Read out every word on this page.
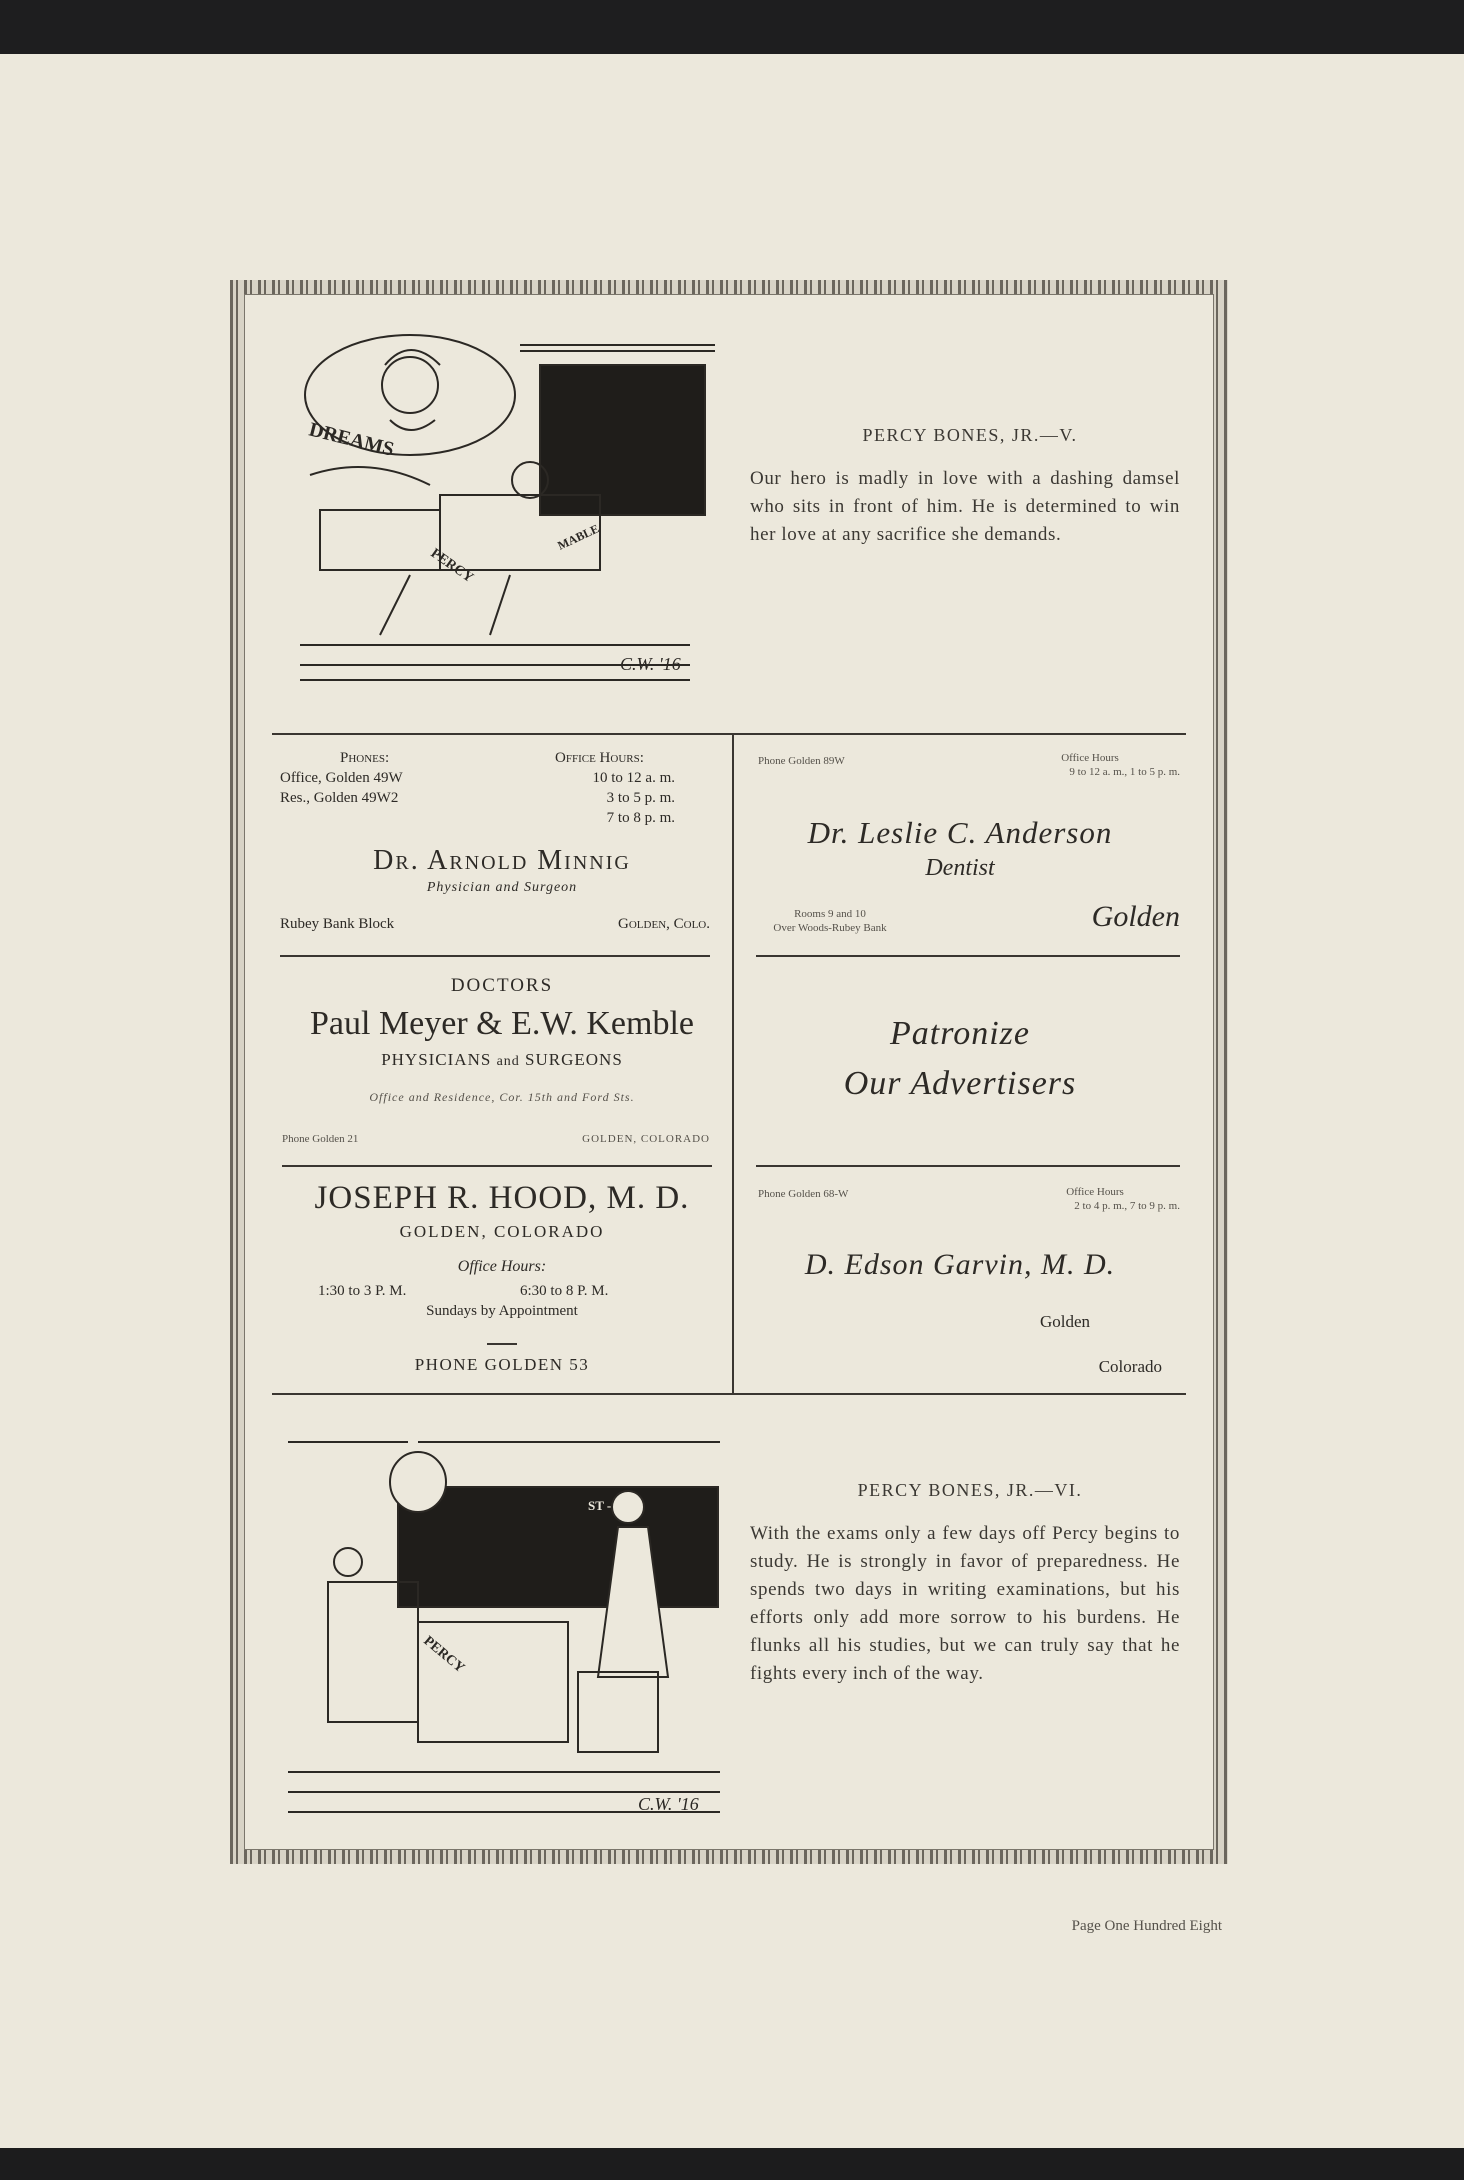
DREAMS
PERCY
MABLE
C.W. '16
PERCY BONES, JR.—V.
Our hero is madly in love with a dashing damsel who sits in front of him. He is determined to win her love at any sacrifice she demands.
Phones:
Office, Golden 49W
Res., Golden 49W2
Office Hours:
10 to 12 a. m.
3 to 5 p. m.
7 to 8 p. m.
Dr. Arnold Minnig
Physician and Surgeon
Rubey Bank Block	Golden, Colo.
Phone Golden 89W	Office Hours
9 to 12 a. m., 1 to 5 p. m.
Dr. Leslie C. Anderson
Dentist
Rooms 9 and 10
Over Woods-Rubey Bank	Golden
DOCTORS
Paul Meyer & E.W. Kemble
PHYSICIANS and SURGEONS
Office and Residence, Cor. 15th and Ford Sts.
Phone Golden 21	GOLDEN, COLORADO
Patronize
Our Advertisers
JOSEPH R. HOOD, M. D.
GOLDEN, COLORADO
Office Hours:
1:30 to 3 P. M.	6:30 to 8 P. M.
Sundays by Appointment
PHONE GOLDEN 53
Phone Golden 68-W	Office Hours
2 to 4 p. m., 7 to 9 p. m.
D. Edson Garvin, M. D.
Golden
Colorado
PERCY
ST - AA
C.W. '16
PERCY BONES, JR.—VI.
With the exams only a few days off Percy begins to study. He is strongly in favor of preparedness. He spends two days in writing examinations, but his efforts only add more sorrow to his burdens. He flunks all his studies, but we can truly say that he fights every inch of the way.
Page One Hundred Eight
